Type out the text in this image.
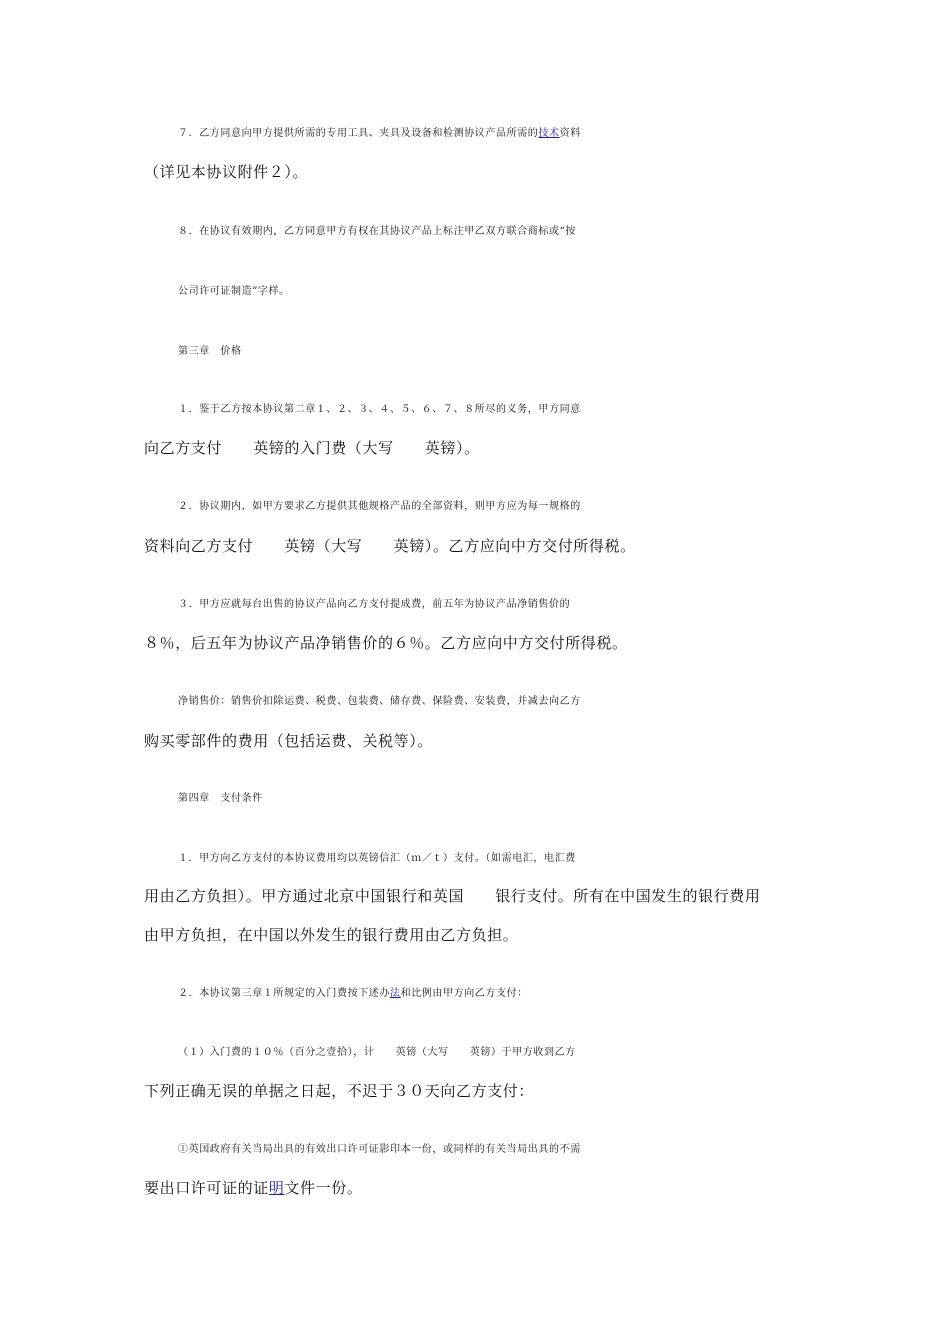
７．乙方同意向甲方提供所需的专用工具、夹具及设备和检测协议产品所需的技术资料
（详见本协议附件２）。
８．在协议有效期内，乙方同意甲方有权在其协议产品上标注甲乙双方联合商标或“按
公司许可证制造”字样。
第三章　价格
１．鉴于乙方按本协议第二章１、２、３、４、５、６、７、８所尽的义务，甲方同意
向乙方支付　　英镑的入门费（大写　　英镑）。
２．协议期内，如甲方要求乙方提供其他规格产品的全部资料，则甲方应为每一规格的
资料向乙方支付　　英镑（大写　　英镑）。乙方应向中方交付所得税。
３．甲方应就每台出售的协议产品向乙方支付提成费，前五年为协议产品净销售价的
８％，后五年为协议产品净销售价的６％。乙方应向中方交付所得税。
净销售价：销售价扣除运费、税费、包装费、储存费、保险费、安装费，并减去向乙方
购买零部件的费用（包括运费、关税等）。
第四章　支付条件
１．甲方向乙方支付的本协议费用均以英镑信汇（ｍ／ｔ）支付。（如需电汇，电汇费
用由乙方负担）。甲方通过北京中国银行和英国　　银行支付。所有在中国发生的银行费用
由甲方负担，在中国以外发生的银行费用由乙方负担。
２．本协议第三章１所规定的入门费按下述办法和比例由甲方向乙方支付：
（１）入门费的１０％（百分之壹拾），计　　英镑（大写　　英镑）于甲方收到乙方
下列正确无误的单据之日起，不迟于３０天向乙方支付：
①英国政府有关当局出具的有效出口许可证影印本一份，或同样的有关当局出具的不需
要出口许可证的证明文件一份。
